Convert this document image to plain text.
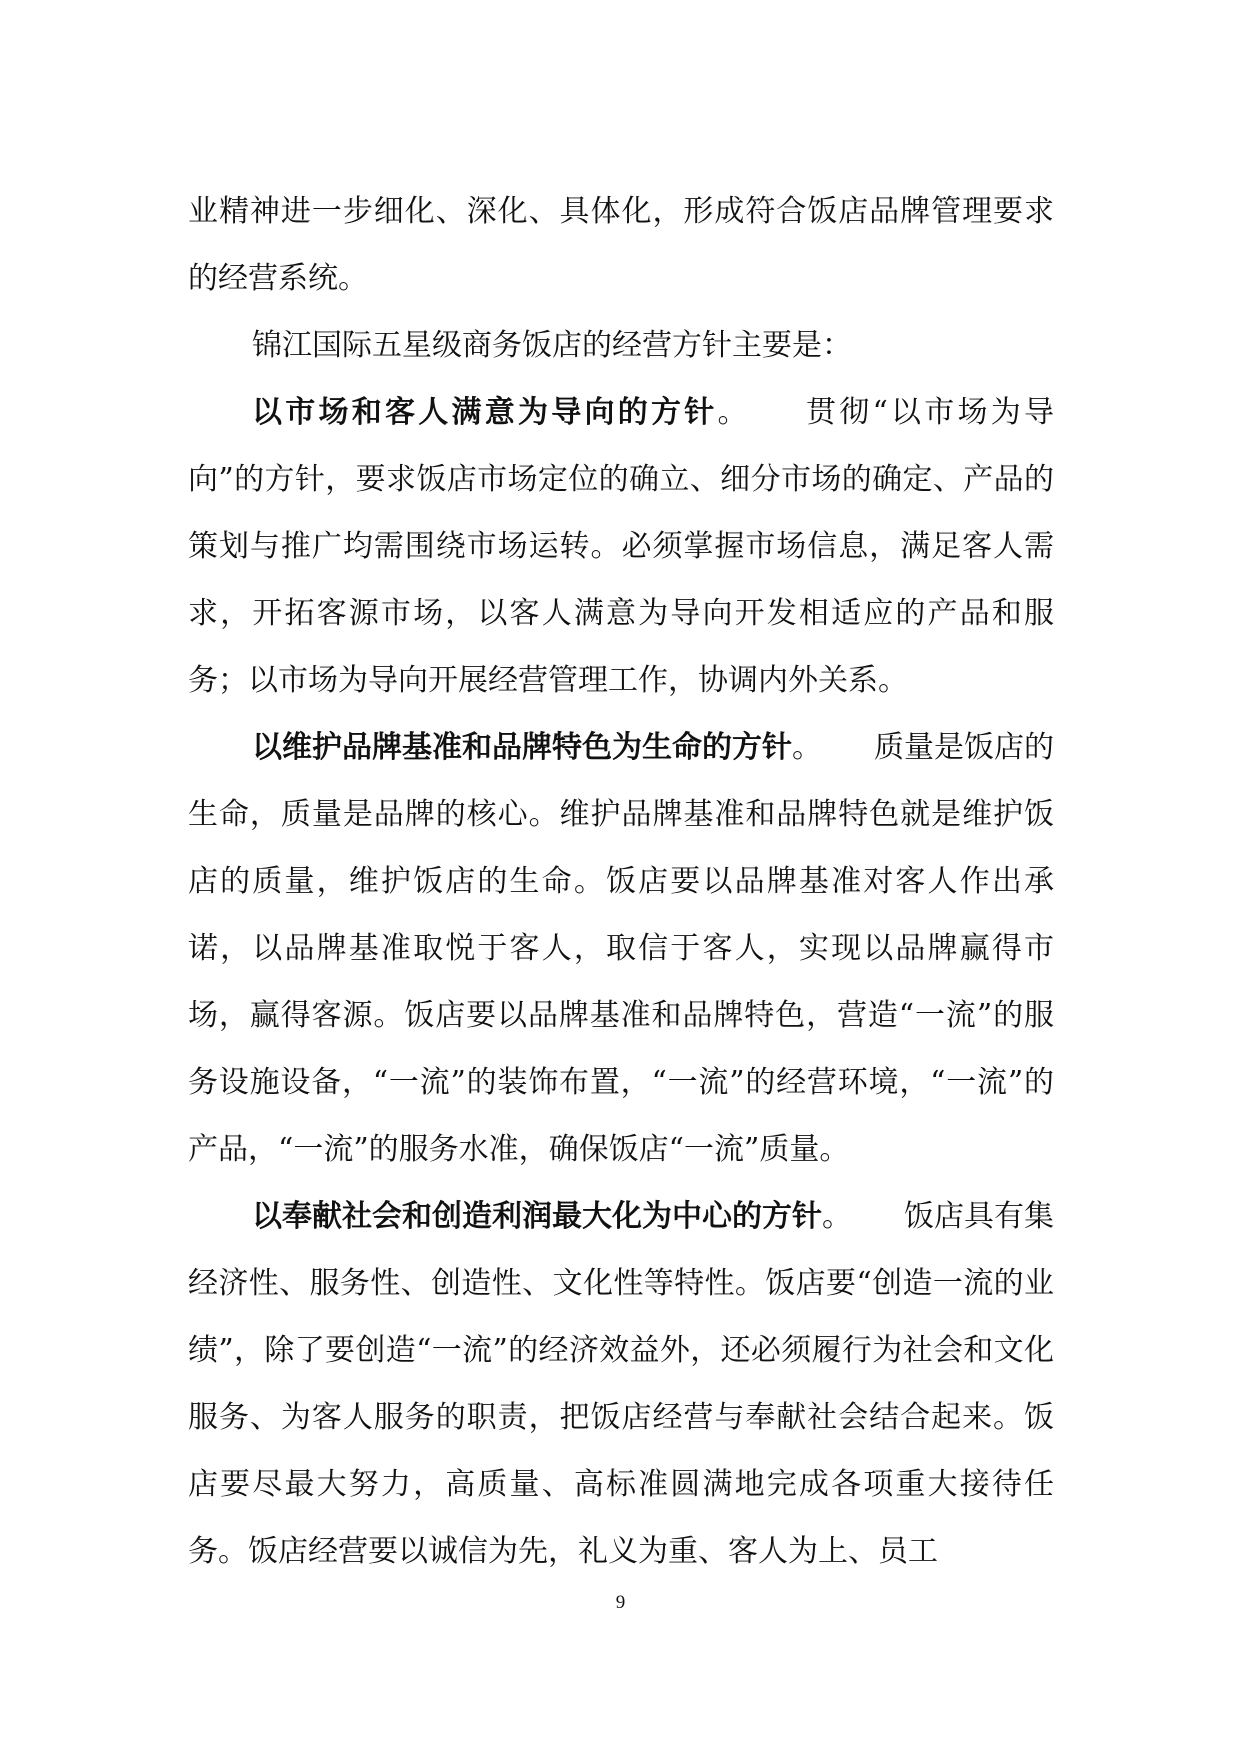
业精神进一步细化、深化、具体化，形成符合饭店品牌管理要求的经营系统。

锦江国际五星级商务饭店的经营方针主要是：

以市场和客人满意为导向的方针。 贯彻“以市场为导向”的方针，要求饭店市场定位的确立、细分市场的确定、产品的策划与推广均需围绕市场运转。必须掌握市场信息，满足客人需求，开拓客源市场，以客人满意为导向开发相适应的产品和服务；以市场为导向开展经营管理工作，协调内外关系。

以维护品牌基准和品牌特色为生命的方针。 质量是饭店的生命，质量是品牌的核心。维护品牌基准和品牌特色就是维护饭店的质量，维护饭店的生命。饭店要以品牌基准对客人作出承诺，以品牌基准取悦于客人，取信于客人，实现以品牌赢得市场，赢得客源。饭店要以品牌基准和品牌特色，营造“一流”的服务设施设备，“一流”的装饰布置，“一流”的经营环境，“一流”的产品，“一流”的服务水准，确保饭店“一流”质量。

以奉献社会和创造利润最大化为中心的方针。 饭店具有集经济性、服务性、创造性、文化性等特性。饭店要“创造一流的业绩”，除了要创造“一流”的经济效益外，还必须履行为社会和文化服务、为客人服务的职责，把饭店经营与奉献社会结合起来。饭店要尽最大努力，高质量、高标准圆满地完成各项重大接待任务。饭店经营要以诚信为先，礼义为重、客人为上、员工

9
